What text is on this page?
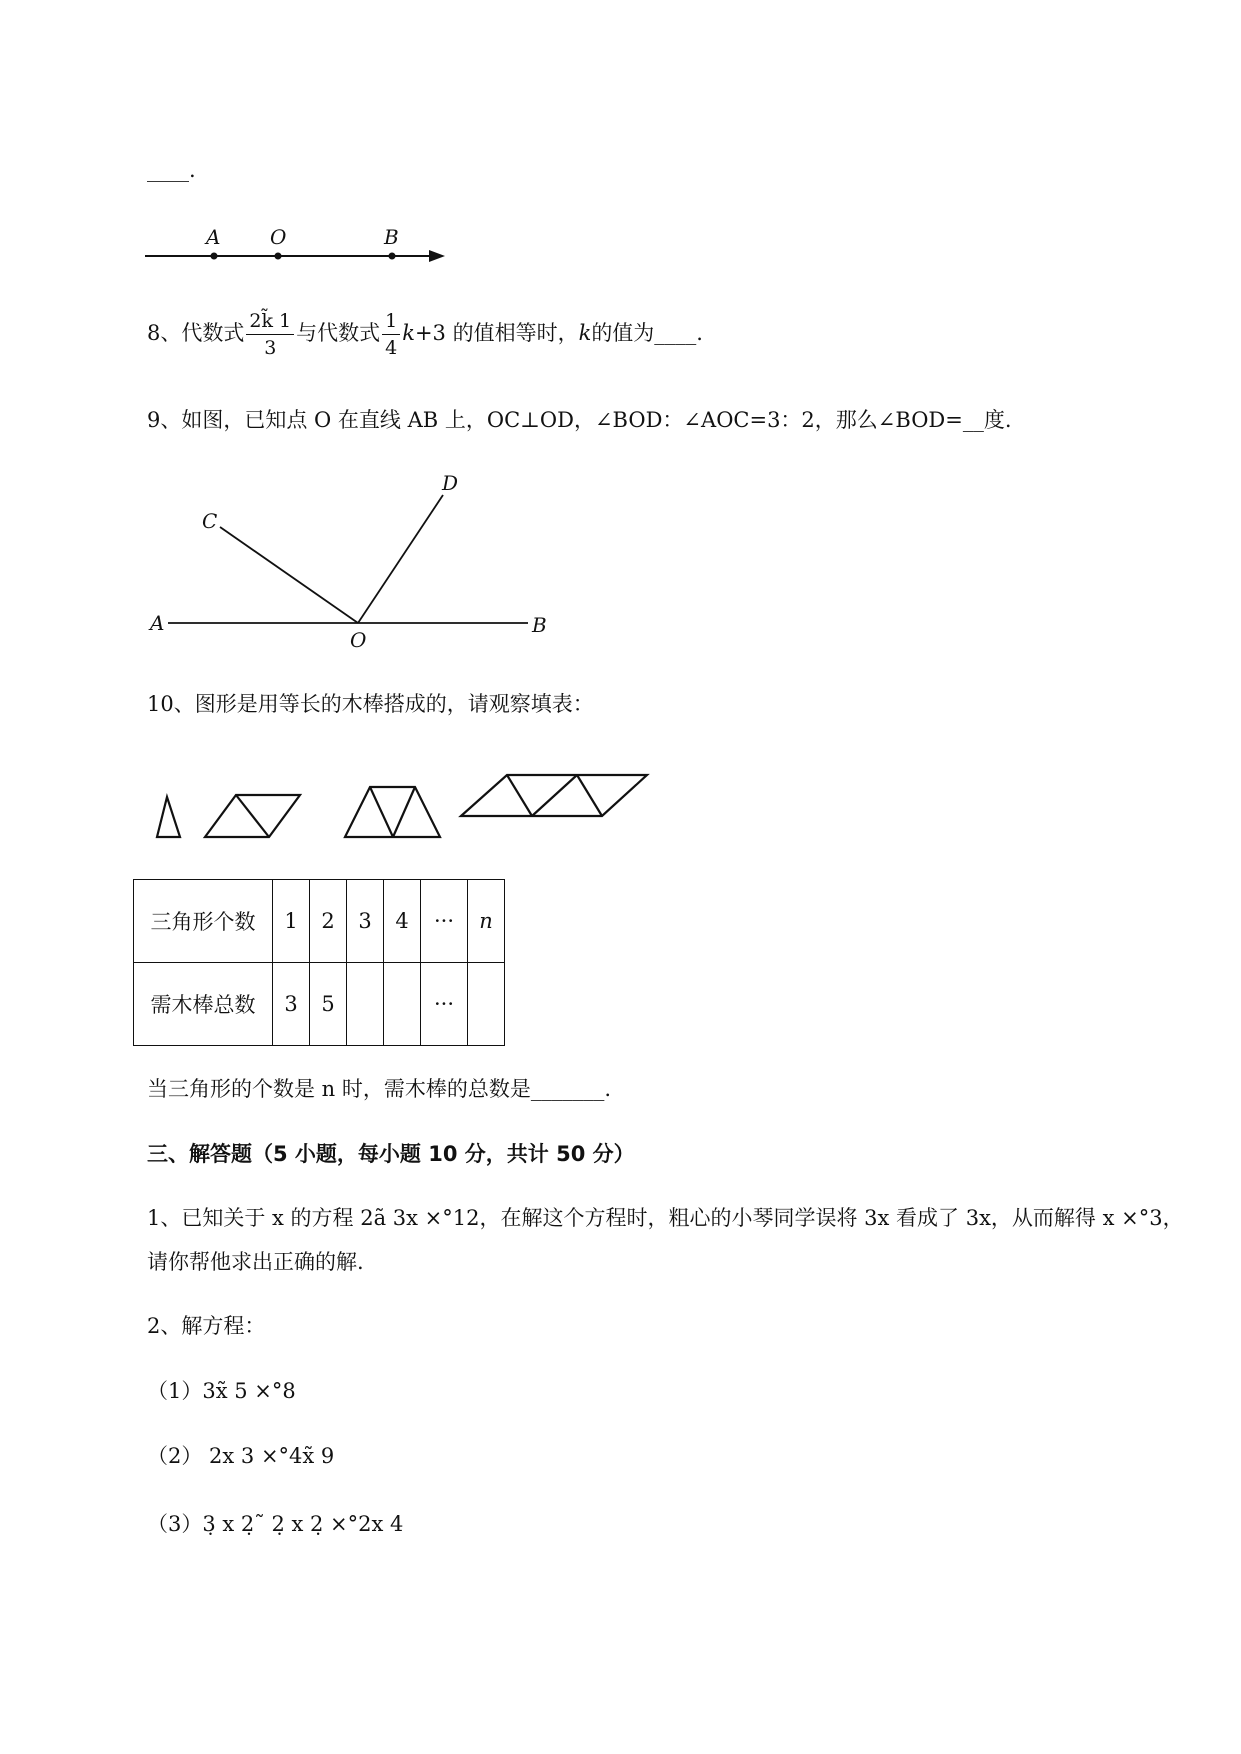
____.
A O	B
8、代数式 $\frac{2k̃ 1}{3}$ 与代数式 $\frac{1}{4} k+3$ 的值相等时，k的值为____.
9、如图，已知点 O 在直线 AB 上，OC⊥OD，∠BOD：∠AOC=3：2，那么∠BOD=__度.
A
O
B
C
D
10、图形是用等长的木棒搭成的，请观察填表：
三角形个数	1	2	3	4	···	n
需木棒总数	3	5			···	
当三角形的个数是 n 时，需木棒的总数是_______.
三、解答题（5 小题，每小题 10 分，共计 50 分）
1、已知关于 x 的方程 2ã 3x ×°12，在解这个方程时，粗心的小琴同学误将 3x 看成了 3x，从而解得 x ×°3，
请你帮他求出正确的解.
2、解方程：
（1）3x̃ 5 ×°8
（2） 2x 3 ×°4x̃ 9
（3）3̣ x 2̣˜ 2̣ x 2̣ ×°2x 4
